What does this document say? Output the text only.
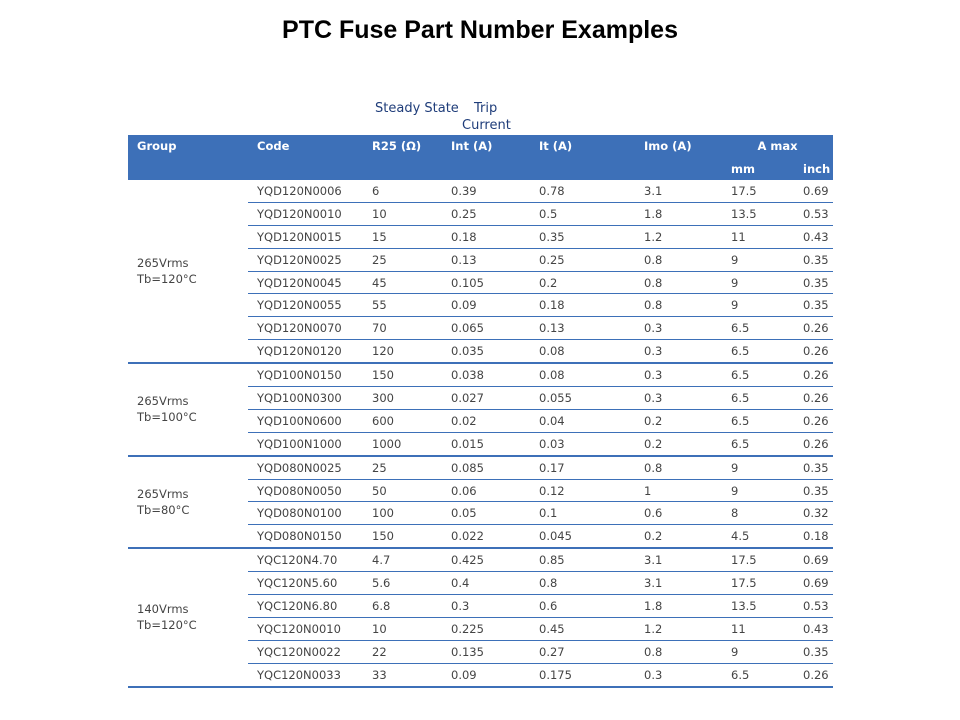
PTC Fuse Part Number Examples
Steady State Trip
Current
Group	Code	R25 (Ω)	Int (A)	It (A)	Imo (A)	A max	
						mm	inch

265Vrms
Tb=120°C	YQD120N0006	6	0.39	0.78	3.1	17.5	0.69
	YQD120N0010	10	0.25	0.5	1.8	13.5	0.53
	YQD120N0015	15	0.18	0.35	1.2	11	0.43
	YQD120N0025	25	0.13	0.25	0.8	9	0.35
	YQD120N0045	45	0.105	0.2	0.8	9	0.35
	YQD120N0055	55	0.09	0.18	0.8	9	0.35
	YQD120N0070	70	0.065	0.13	0.3	6.5	0.26
	YQD120N0120	120	0.035	0.08	0.3	6.5	0.26

265Vrms
Tb=100°C	YQD100N0150	150	0.038	0.08	0.3	6.5	0.26
	YQD100N0300	300	0.027	0.055	0.3	6.5	0.26
	YQD100N0600	600	0.02	0.04	0.2	6.5	0.26
	YQD100N1000	1000	0.015	0.03	0.2	6.5	0.26

265Vrms
Tb=80°C	YQD080N0025	25	0.085	0.17	0.8	9	0.35
	YQD080N0050	50	0.06	0.12	1	9	0.35
	YQD080N0100	100	0.05	0.1	0.6	8	0.32
	YQD080N0150	150	0.022	0.045	0.2	4.5	0.18

140Vrms
Tb=120°C	YQC120N4.70	4.7	0.425	0.85	3.1	17.5	0.69
	YQC120N5.60	5.6	0.4	0.8	3.1	17.5	0.69
	YQC120N6.80	6.8	0.3	0.6	1.8	13.5	0.53
	YQC120N0010	10	0.225	0.45	1.2	11	0.43
	YQC120N0022	22	0.135	0.27	0.8	9	0.35
	YQC120N0033	33	0.09	0.175	0.3	6.5	0.26
